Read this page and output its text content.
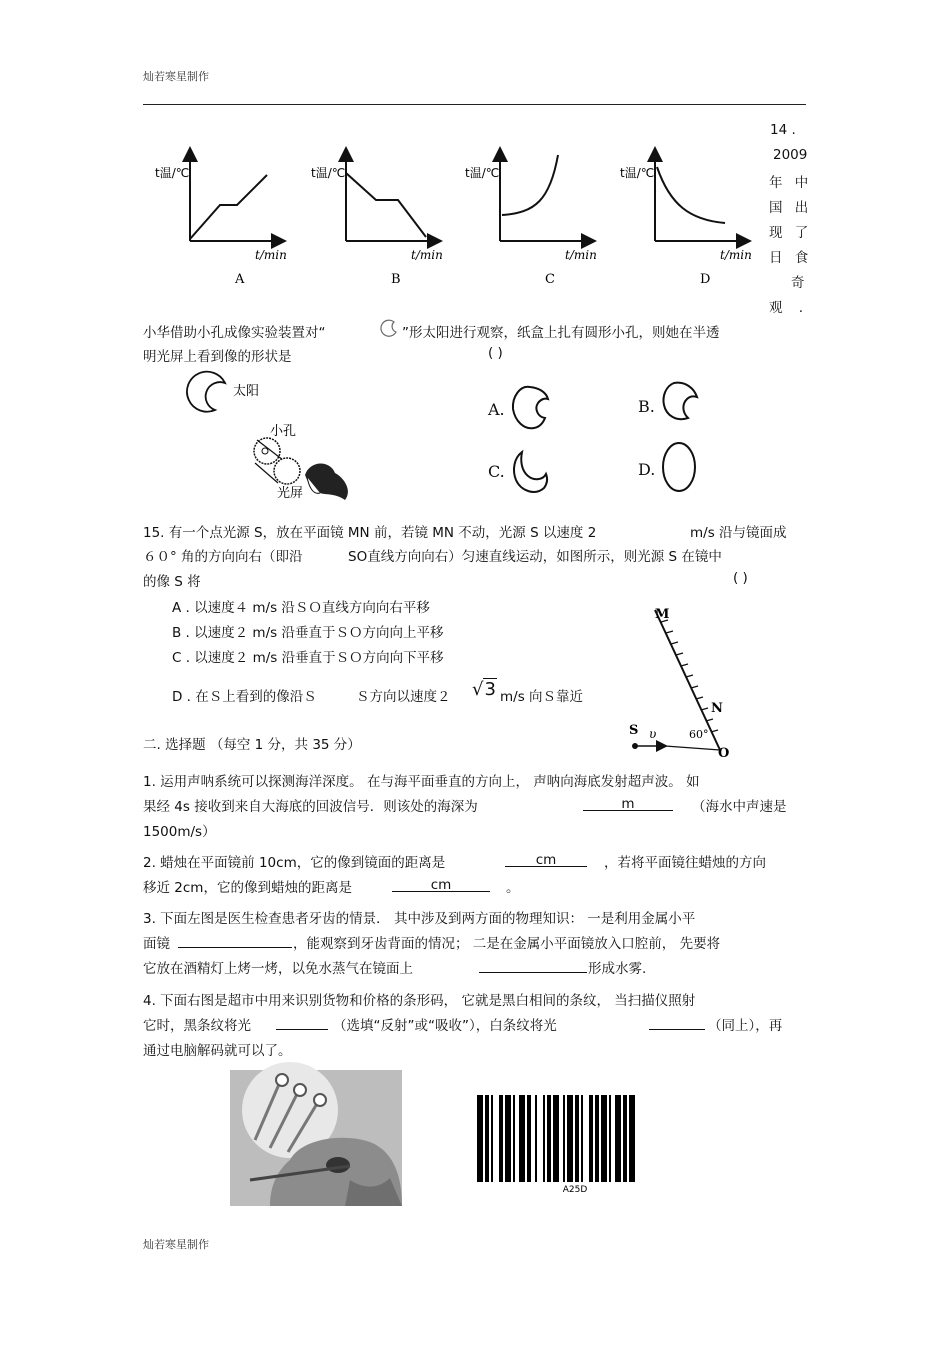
灿若寒星制作
t温/℃
t/min
A
t温/℃
t/min
B
t温/℃
t/min
C
t温/℃
t/min
D
14 .
2009
年 中
国 出
现 了
日 食
奇
观 .
小华借助小孔成像实验装置对“	”形太阳进行观察，纸盒上扎有圆形小孔，则她在半透
明光屏上看到像的形状是	( )
太阳
小孔
光屏
A.	B.
C.	D.
15. 有一个点光源 S，放在平面镜 MN 前，若镜 MN 不动，光源 S 以速度 2	m/s 沿与镜面成
６０° 角的方向向右（即沿	SO直线方向向右）匀速直线运动，如图所示，则光源 S 在镜中
的像 S 将	( )
A . 以速度４ m/s 沿ＳＯ直线方向向右平移
B . 以速度２ m/s 沿垂直于ＳＯ方向向上平移
C . 以速度２ m/s 沿垂直于ＳＯ方向向下平移
D . 在Ｓ上看到的像沿Ｓ	Ｓ方向以速度２ √3 m/s 向Ｓ靠近
M
N
S υ	60°
O
二. 选择题 （每空 1 分，共 35 分）
1. 运用声呐系统可以探测海洋深度。 在与海平面垂直的方向上， 声呐向海底发射超声波。 如
果经 4s 接收到来自大海底的回波信号．则该处的海深为	m	（海水中声速是
1500m/s）
2. 蜡烛在平面镜前 10cm，它的像到镜面的距离是	cm	，若将平面镜往蜡烛的方向
移近 2cm，它的像到蜡烛的距离是	cm	。
3. 下面左图是医生检查患者牙齿的情景． 其中涉及到两方面的物理知识： 一是利用金属小平
面镜	，能观察到牙齿背面的情况； 二是在金属小平面镜放入口腔前， 先要将
它放在酒精灯上烤一烤，以免水蒸气在镜面上	形成水雾.
4. 下面右图是超市中用来识别货物和价格的条形码， 它就是黑白相间的条纹， 当扫描仪照射
它时，黑条纹将光	（选填“反射”或“吸收”），白条纹将光	（同上），再
通过电脑解码就可以了。
A25D
灿若寒星制作
